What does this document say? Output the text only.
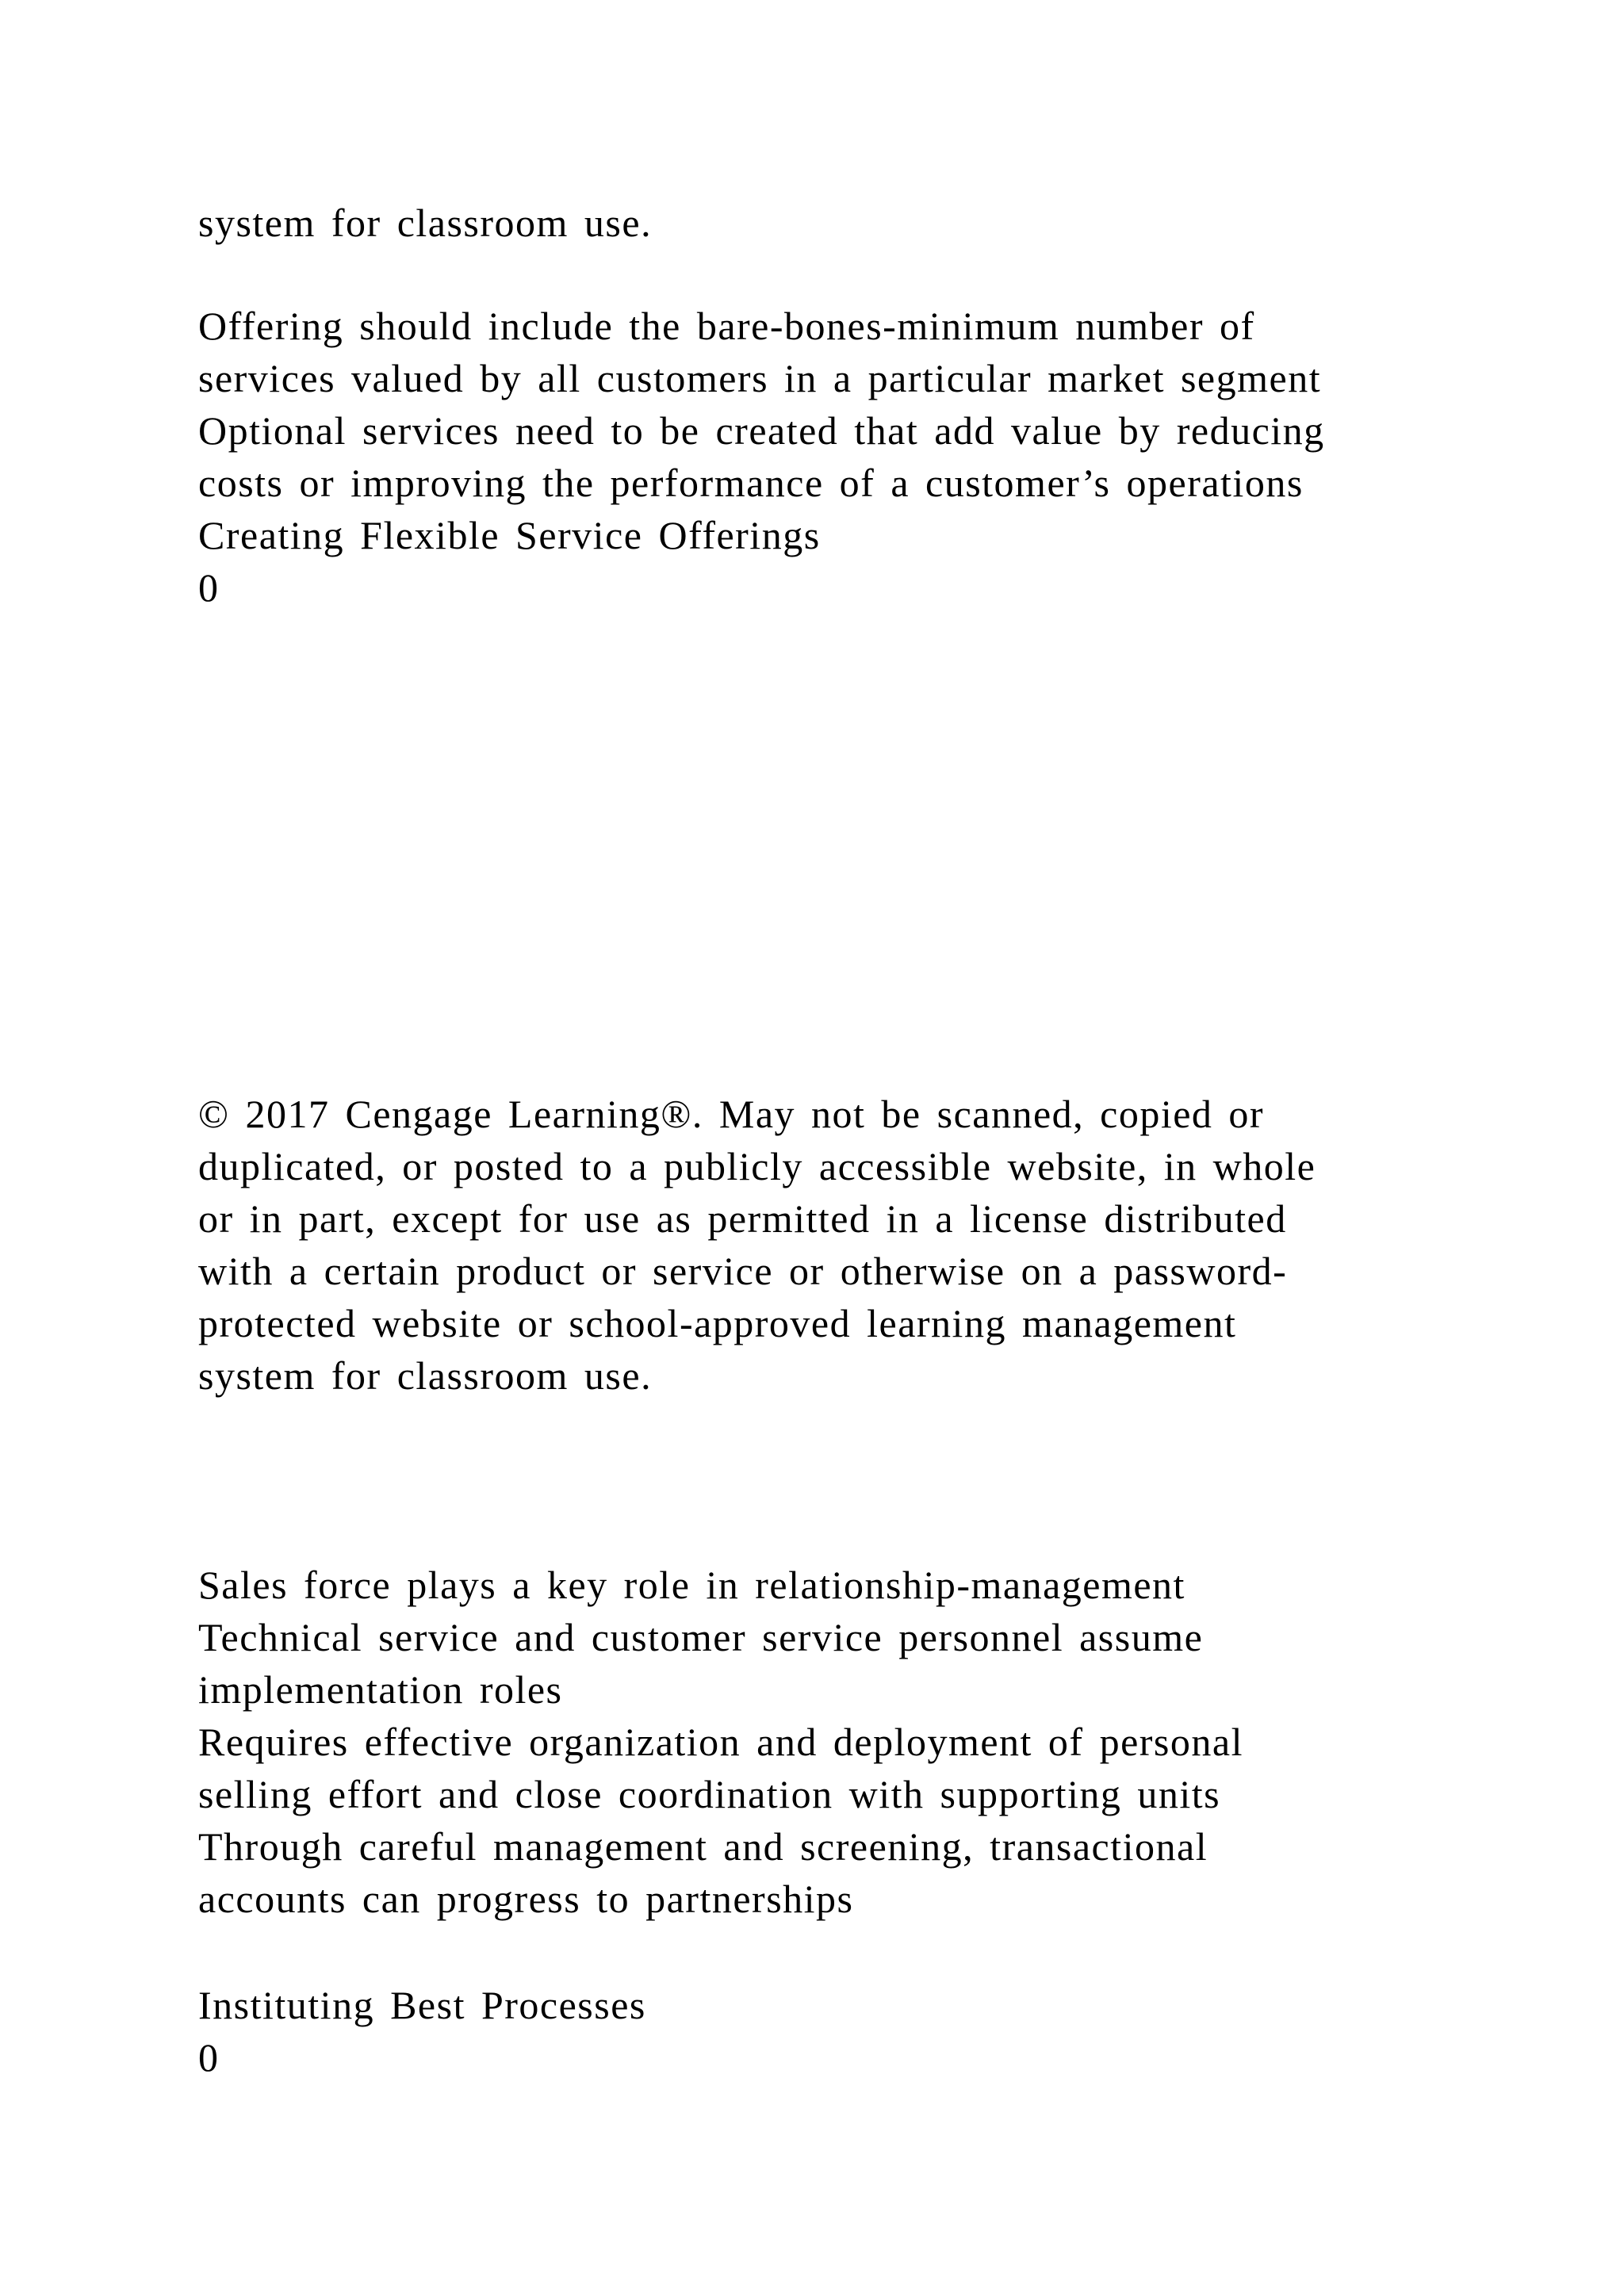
system for classroom use.
Offering should include the bare-bones-minimum number of
services valued by all customers in a particular market segment
Optional services need to be created that add value by reducing
costs or improving the performance of a customer’s operations
Creating Flexible Service Offerings
0
© 2017 Cengage Learning®. May not be scanned, copied or
duplicated, or posted to a publicly accessible website, in whole
or in part, except for use as permitted in a license distributed
with a certain product or service or otherwise on a password-
protected website or school-approved learning management
system for classroom use.
Sales force plays a key role in relationship-management
Technical service and customer service personnel assume
implementation roles
Requires effective organization and deployment of personal
selling effort and close coordination with supporting units
Through careful management and screening, transactional
accounts can progress to partnerships
Instituting Best Processes
0
